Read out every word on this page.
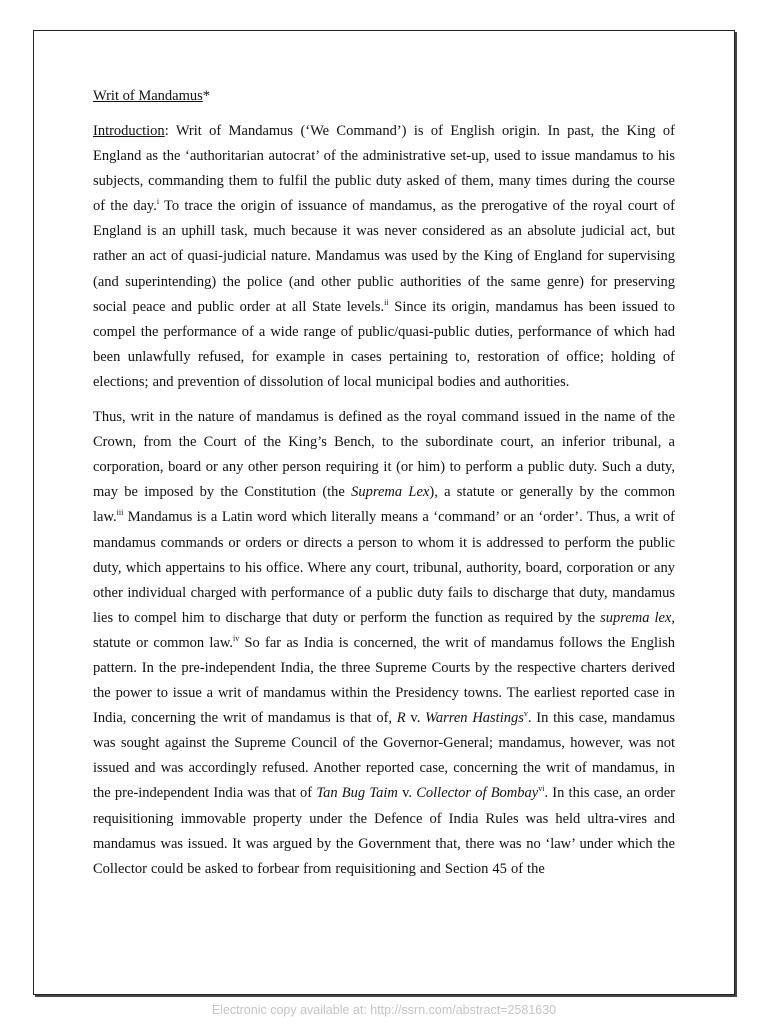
Writ of Mandamus*

Introduction: Writ of Mandamus (‘We Command’) is of English origin. In past, the King of England as the ‘authoritarian autocrat’ of the administrative set-up, used to issue mandamus to his subjects, commanding them to fulfil the public duty asked of them, many times during the course of the day.$^i$ To trace the origin of issuance of mandamus, as the prerogative of the royal court of England is an uphill task, much because it was never considered as an absolute judicial act, but rather an act of quasi-judicial nature. Mandamus was used by the King of England for supervising (and superintending) the police (and other public authorities of the same genre) for preserving social peace and public order at all State levels.$^{ii}$ Since its origin, mandamus has been issued to compel the performance of a wide range of public/quasi-public duties, performance of which had been unlawfully refused, for example in cases pertaining to, restoration of office; holding of elections; and prevention of dissolution of local municipal bodies and authorities.

Thus, writ in the nature of mandamus is defined as the royal command issued in the name of the Crown, from the Court of the King’s Bench, to the subordinate court, an inferior tribunal, a corporation, board or any other person requiring it (or him) to perform a public duty. Such a duty, may be imposed by the Constitution (the Suprema Lex), a statute or generally by the common law.$^{iii}$ Mandamus is a Latin word which literally means a ‘command’ or an ‘order’. Thus, a writ of mandamus commands or orders or directs a person to whom it is addressed to perform the public duty, which appertains to his office. Where any court, tribunal, authority, board, corporation or any other individual charged with performance of a public duty fails to discharge that duty, mandamus lies to compel him to discharge that duty or perform the function as required by the suprema lex, statute or common law.$^{iv}$ So far as India is concerned, the writ of mandamus follows the English pattern. In the pre-independent India, the three Supreme Courts by the respective charters derived the power to issue a writ of mandamus within the Presidency towns. The earliest reported case in India, concerning the writ of mandamus is that of, R v. Warren Hastings$^v$. In this case, mandamus was sought against the Supreme Council of the Governor-General; mandamus, however, was not issued and was accordingly refused. Another reported case, concerning the writ of mandamus, in the pre-independent India was that of Tan Bug Taim v. Collector of Bombay$^{vi}$. In this case, an order requisitioning immovable property under the Defence of India Rules was held ultra-vires and mandamus was issued. It was argued by the Government that, there was no ‘law’ under which the Collector could be asked to forbear from requisitioning and Section 45 of the

Electronic copy available at: http://ssrn.com/abstract=2581630
